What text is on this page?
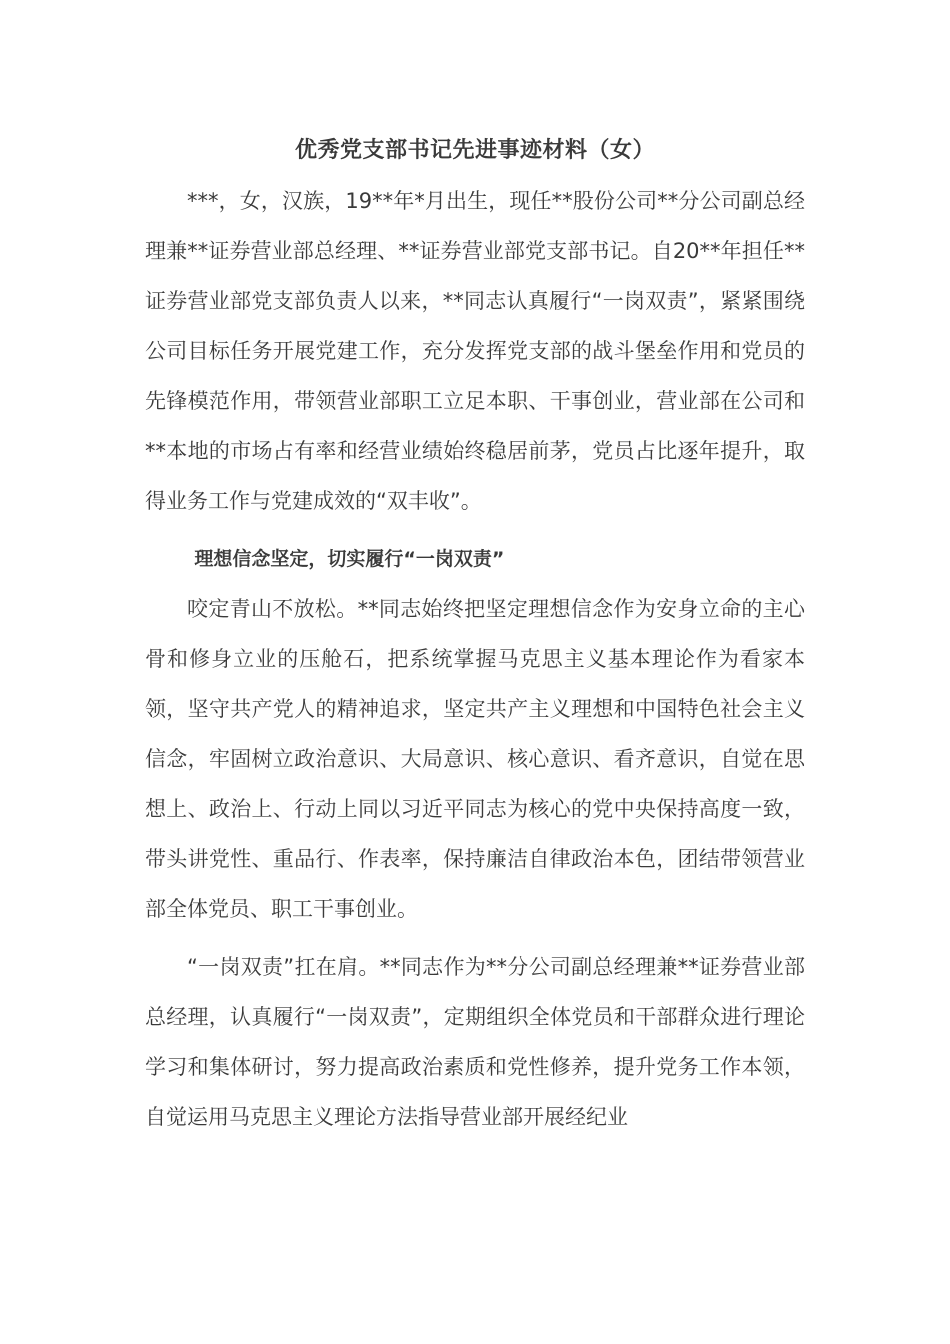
优秀党支部书记先进事迹材料（女）

***，女，汉族，19**年*月出生，现任**股份公司**分公司副总经理兼**证券营业部总经理、**证券营业部党支部书记。自20**年担任**证券营业部党支部负责人以来，**同志认真履行“一岗双责”，紧紧围绕公司目标任务开展党建工作，充分发挥党支部的战斗堡垒作用和党员的先锋模范作用，带领营业部职工立足本职、干事创业，营业部在公司和**本地的市场占有率和经营业绩始终稳居前茅，党员占比逐年提升，取得业务工作与党建成效的“双丰收”。

理想信念坚定，切实履行“一岗双责”

咬定青山不放松。**同志始终把坚定理想信念作为安身立命的主心骨和修身立业的压舱石，把系统掌握马克思主义基本理论作为看家本领，坚守共产党人的精神追求，坚定共产主义理想和中国特色社会主义信念，牢固树立政治意识、大局意识、核心意识、看齐意识，自觉在思想上、政治上、行动上同以习近平同志为核心的党中央保持高度一致，带头讲党性、重品行、作表率，保持廉洁自律政治本色，团结带领营业部全体党员、职工干事创业。

“一岗双责”扛在肩。**同志作为**分公司副总经理兼**证券营业部总经理，认真履行“一岗双责”，定期组织全体党员和干部群众进行理论学习和集体研讨，努力提高政治素质和党性修养，提升党务工作本领，自觉运用马克思主义理论方法指导营业部开展经纪业
